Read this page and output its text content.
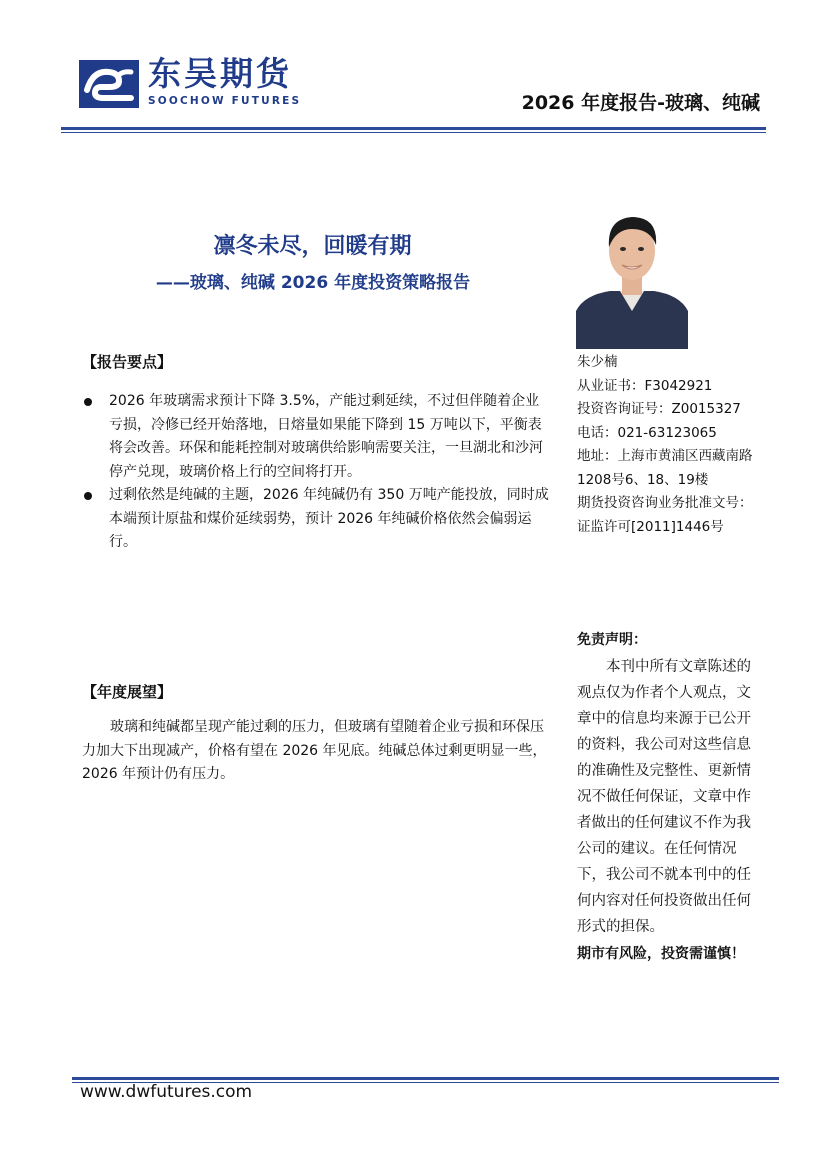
东吴期货
SOOCHOW FUTURES	2026 年度报告-玻璃、纯碱
凛冬未尽，回暖有期
——玻璃、纯碱 2026 年度投资策略报告
【报告要点】
2026 年玻璃需求预计下降 3.5%，产能过剩延续，不过但伴随着企业亏损，冷修已经开始落地，日熔量如果能下降到 15 万吨以下，平衡表将会改善。环保和能耗控制对玻璃供给影响需要关注，一旦湖北和沙河停产兑现，玻璃价格上行的空间将打开。
过剩依然是纯碱的主题，2026 年纯碱仍有 350 万吨产能投放，同时成本端预计原盐和煤价延续弱势，预计 2026 年纯碱价格依然会偏弱运行。
【年度展望】
玻璃和纯碱都呈现产能过剩的压力，但玻璃有望随着企业亏损和环保压力加大下出现减产，价格有望在 2026 年见底。纯碱总体过剩更明显一些，2026 年预计仍有压力。
朱少楠
从业证书：F3042921
投资咨询证号：Z0015327
电话：021-63123065
地址：上海市黄浦区西藏南路1208号6、18、19楼
期货投资咨询业务批准文号：
证监许可[2011]1446号
免责声明：
本刊中所有文章陈述的观点仅为作者个人观点，文章中的信息均来源于已公开的资料，我公司对这些信息的准确性及完整性、更新情况不做任何保证，文章中作者做出的任何建议不作为我公司的建议。在任何情况下，我公司不就本刊中的任何内容对任何投资做出任何形式的担保。
期市有风险，投资需谨慎！
www.dwfutures.com
